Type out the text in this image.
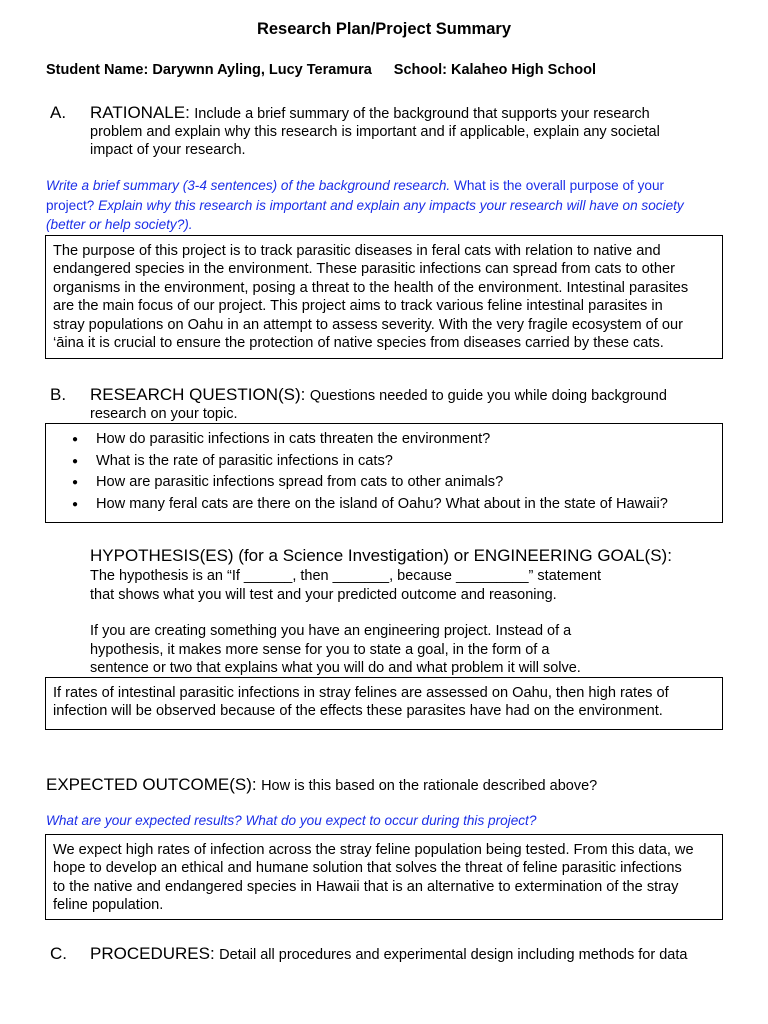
Research Plan/Project Summary
Student Name: Darywnn Ayling, Lucy Teramura School: Kalaheo High School
A. RATIONALE: Include a brief summary of the background that supports your research
problem and explain why this research is important and if applicable, explain any societal
impact of your research.
Write a brief summary (3-4 sentences) of the background research. What is the overall purpose of your
project? Explain why this research is important and explain any impacts your research will have on society
(better or help society?).
The purpose of this project is to track parasitic diseases in feral cats with relation to native and
endangered species in the environment. These parasitic infections can spread from cats to other
organisms in the environment, posing a threat to the health of the environment. Intestinal parasites
are the main focus of our project. This project aims to track various feline intestinal parasites in
stray populations on Oahu in an attempt to assess severity. With the very fragile ecosystem of our
‘āina it is crucial to ensure the protection of native species from diseases carried by these cats.
B. RESEARCH QUESTION(S): Questions needed to guide you while doing background
research on your topic.
● How do parasitic infections in cats threaten the environment?
● What is the rate of parasitic infections in cats?
● How are parasitic infections spread from cats to other animals?
● How many feral cats are there on the island of Oahu? What about in the state of Hawaii?
HYPOTHESIS(ES) (for a Science Investigation) or ENGINEERING GOAL(S):
The hypothesis is an “If ______, then _______, because _________” statement
that shows what you will test and your predicted outcome and reasoning.
If you are creating something you have an engineering project. Instead of a
hypothesis, it makes more sense for you to state a goal, in the form of a
sentence or two that explains what you will do and what problem it will solve.
If rates of intestinal parasitic infections in stray felines are assessed on Oahu, then high rates of
infection will be observed because of the effects these parasites have had on the environment.
EXPECTED OUTCOME(S): How is this based on the rationale described above?
What are your expected results? What do you expect to occur during this project?
We expect high rates of infection across the stray feline population being tested. From this data, we
hope to develop an ethical and humane solution that solves the threat of feline parasitic infections
to the native and endangered species in Hawaii that is an alternative to extermination of the stray
feline population.
C. PROCEDURES: Detail all procedures and experimental design including methods for data
